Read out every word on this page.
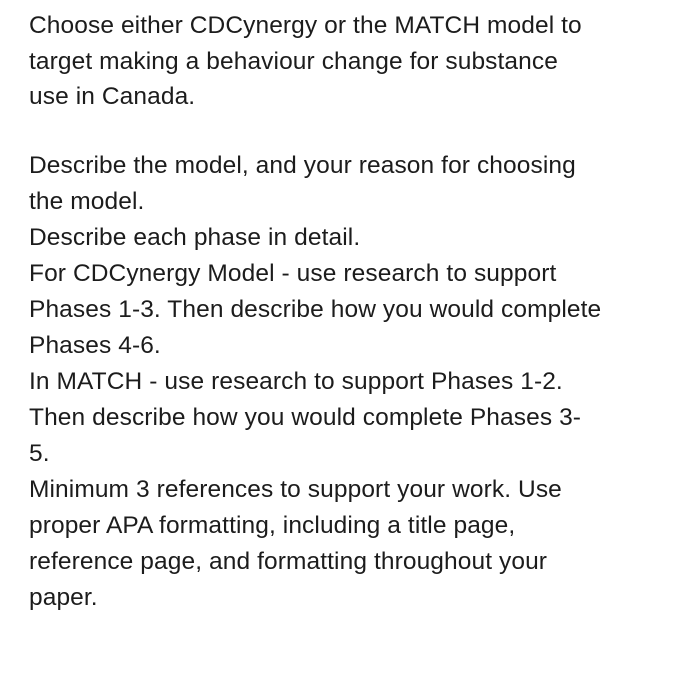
Choose either CDCynergy or the MATCH model to
target making a behaviour change for substance
use in Canada.

Describe the model, and your reason for choosing
the model.
Describe each phase in detail.
For CDCynergy Model - use research to support
Phases 1-3. Then describe how you would complete
Phases 4-6.
In MATCH - use research to support Phases 1-2.
Then describe how you would complete Phases 3-
5.
Minimum 3 references to support your work. Use
proper APA formatting, including a title page,
reference page, and formatting throughout your
paper.
